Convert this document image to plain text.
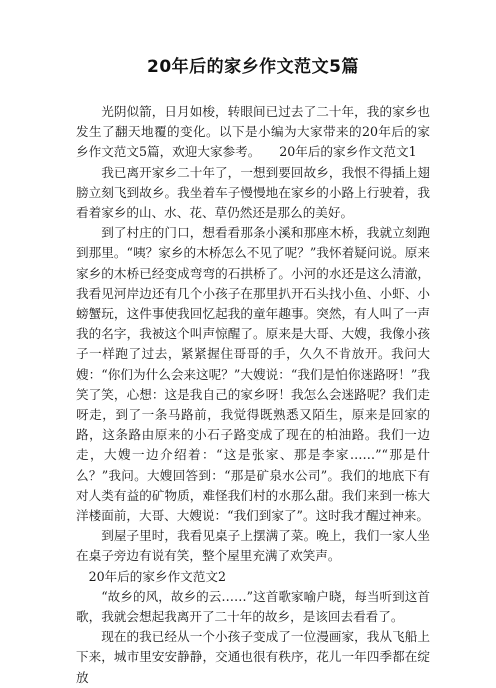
20年后的家乡作文范文5篇

光阴似箭，日月如梭，转眼间已过去了二十年，我的家乡也发生了翻天地覆的变化。以下是小编为大家带来的20年后的家乡作文范文5篇，欢迎大家参考。　　20年后的家乡作文范文1

我已离开家乡二十年了，一想到要回故乡，我恨不得插上翅膀立刻飞到故乡。我坐着车子慢慢地在家乡的小路上行驶着，我看着家乡的山、水、花、草仍然还是那么的美好。

到了村庄的门口，想看看那条小溪和那座木桥，我就立刻跑到那里。“咦？家乡的木桥怎么不见了呢？”我怀着疑问说。原来家乡的木桥已经变成弯弯的石拱桥了。小河的水还是这么清澈，我看见河岸边还有几个小孩子在那里扒开石头找小鱼、小虾、小螃蟹玩，这件事使我回忆起我的童年趣事。突然，有人叫了一声我的名字，我被这个叫声惊醒了。原来是大哥、大嫂，我像小孩子一样跑了过去，紧紧握住哥哥的手，久久不肯放开。我问大嫂：“你们为什么会来这呢？”大嫂说：“我们是怕你迷路呀！”我笑了笑，心想：这是我自己的家乡呀！我怎么会迷路呢？我们走呀走，到了一条马路前，我觉得既熟悉又陌生，原来是回家的路，这条路由原来的小石子路变成了现在的柏油路。我们一边走，大嫂一边介绍着：“这是张家、那是李家……”“那是什么？”我问。大嫂回答到：“那是矿泉水公司”。我们的地底下有对人类有益的矿物质，难怪我们村的水那么甜。我们来到一栋大洋楼面前，大哥、大嫂说：“我们到家了”。这时我才醒过神来。

到屋子里时，我看见桌子上摆满了菜。晚上，我们一家人坐在桌子旁边有说有笑，整个屋里充满了欢笑声。

20年后的家乡作文范文2

“故乡的风，故乡的云……”这首歌家喻户晓，每当听到这首歌，我就会想起我离开了二十年的故乡，是该回去看看了。

现在的我已经从一个小孩子变成了一位漫画家，我从飞船上下来，城市里安安静静，交通也很有秩序，花儿一年四季都在绽放
